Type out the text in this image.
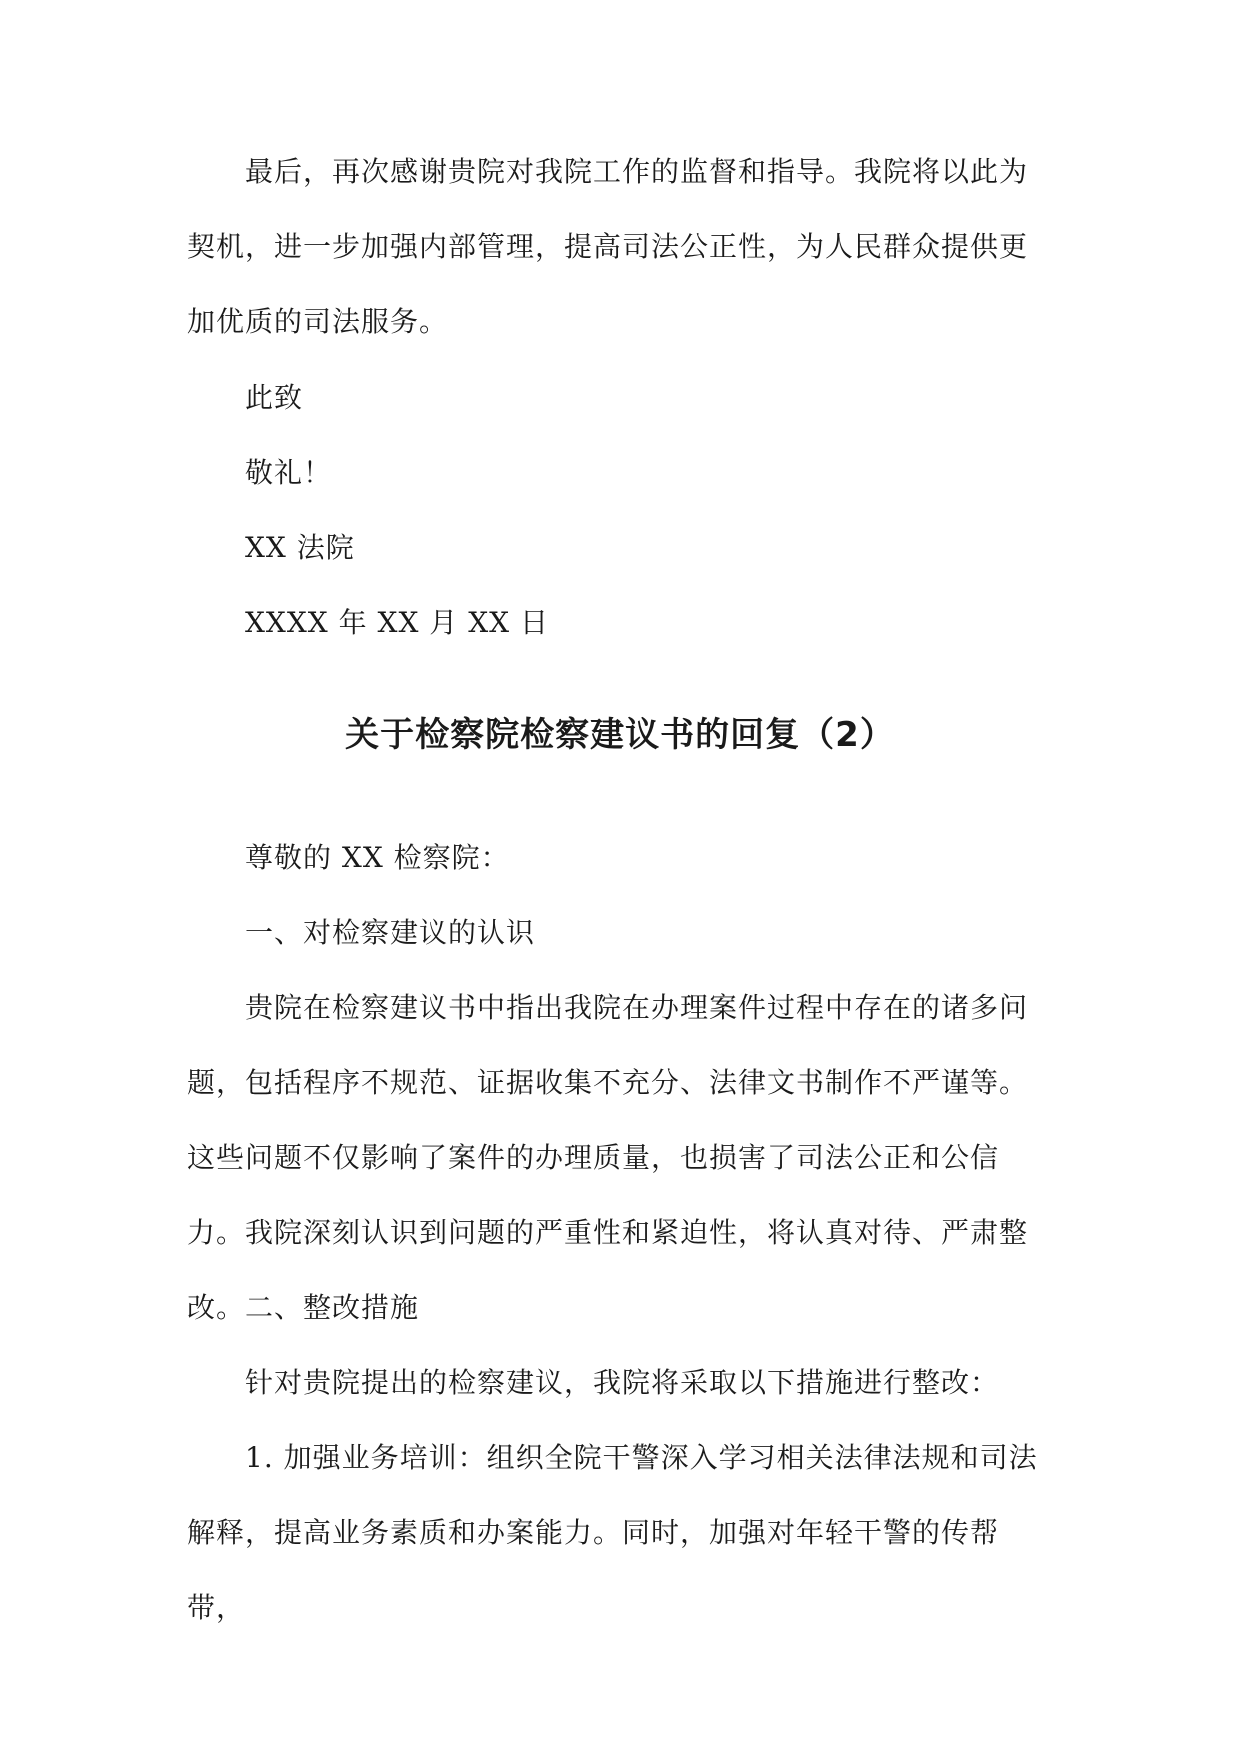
最后，再次感谢贵院对我院工作的监督和指导。我院将以此为契机，进一步加强内部管理，提高司法公正性，为人民群众提供更加优质的司法服务。

此致

敬礼！

XX 法院

XXXX 年 XX 月 XX 日

关于检察院检察建议书的回复（2）

尊敬的 XX 检察院：

一、对检察建议的认识

贵院在检察建议书中指出我院在办理案件过程中存在的诸多问题，包括程序不规范、证据收集不充分、法律文书制作不严谨等。这些问题不仅影响了案件的办理质量，也损害了司法公正和公信力。我院深刻认识到问题的严重性和紧迫性，将认真对待、严肃整改。 二、整改措施

针对贵院提出的检察建议，我院将采取以下措施进行整改：

1. 加强业务培训：组织全院干警深入学习相关法律法规和司法解释，提高业务素质和办案能力。同时，加强对年轻干警的传帮带，
